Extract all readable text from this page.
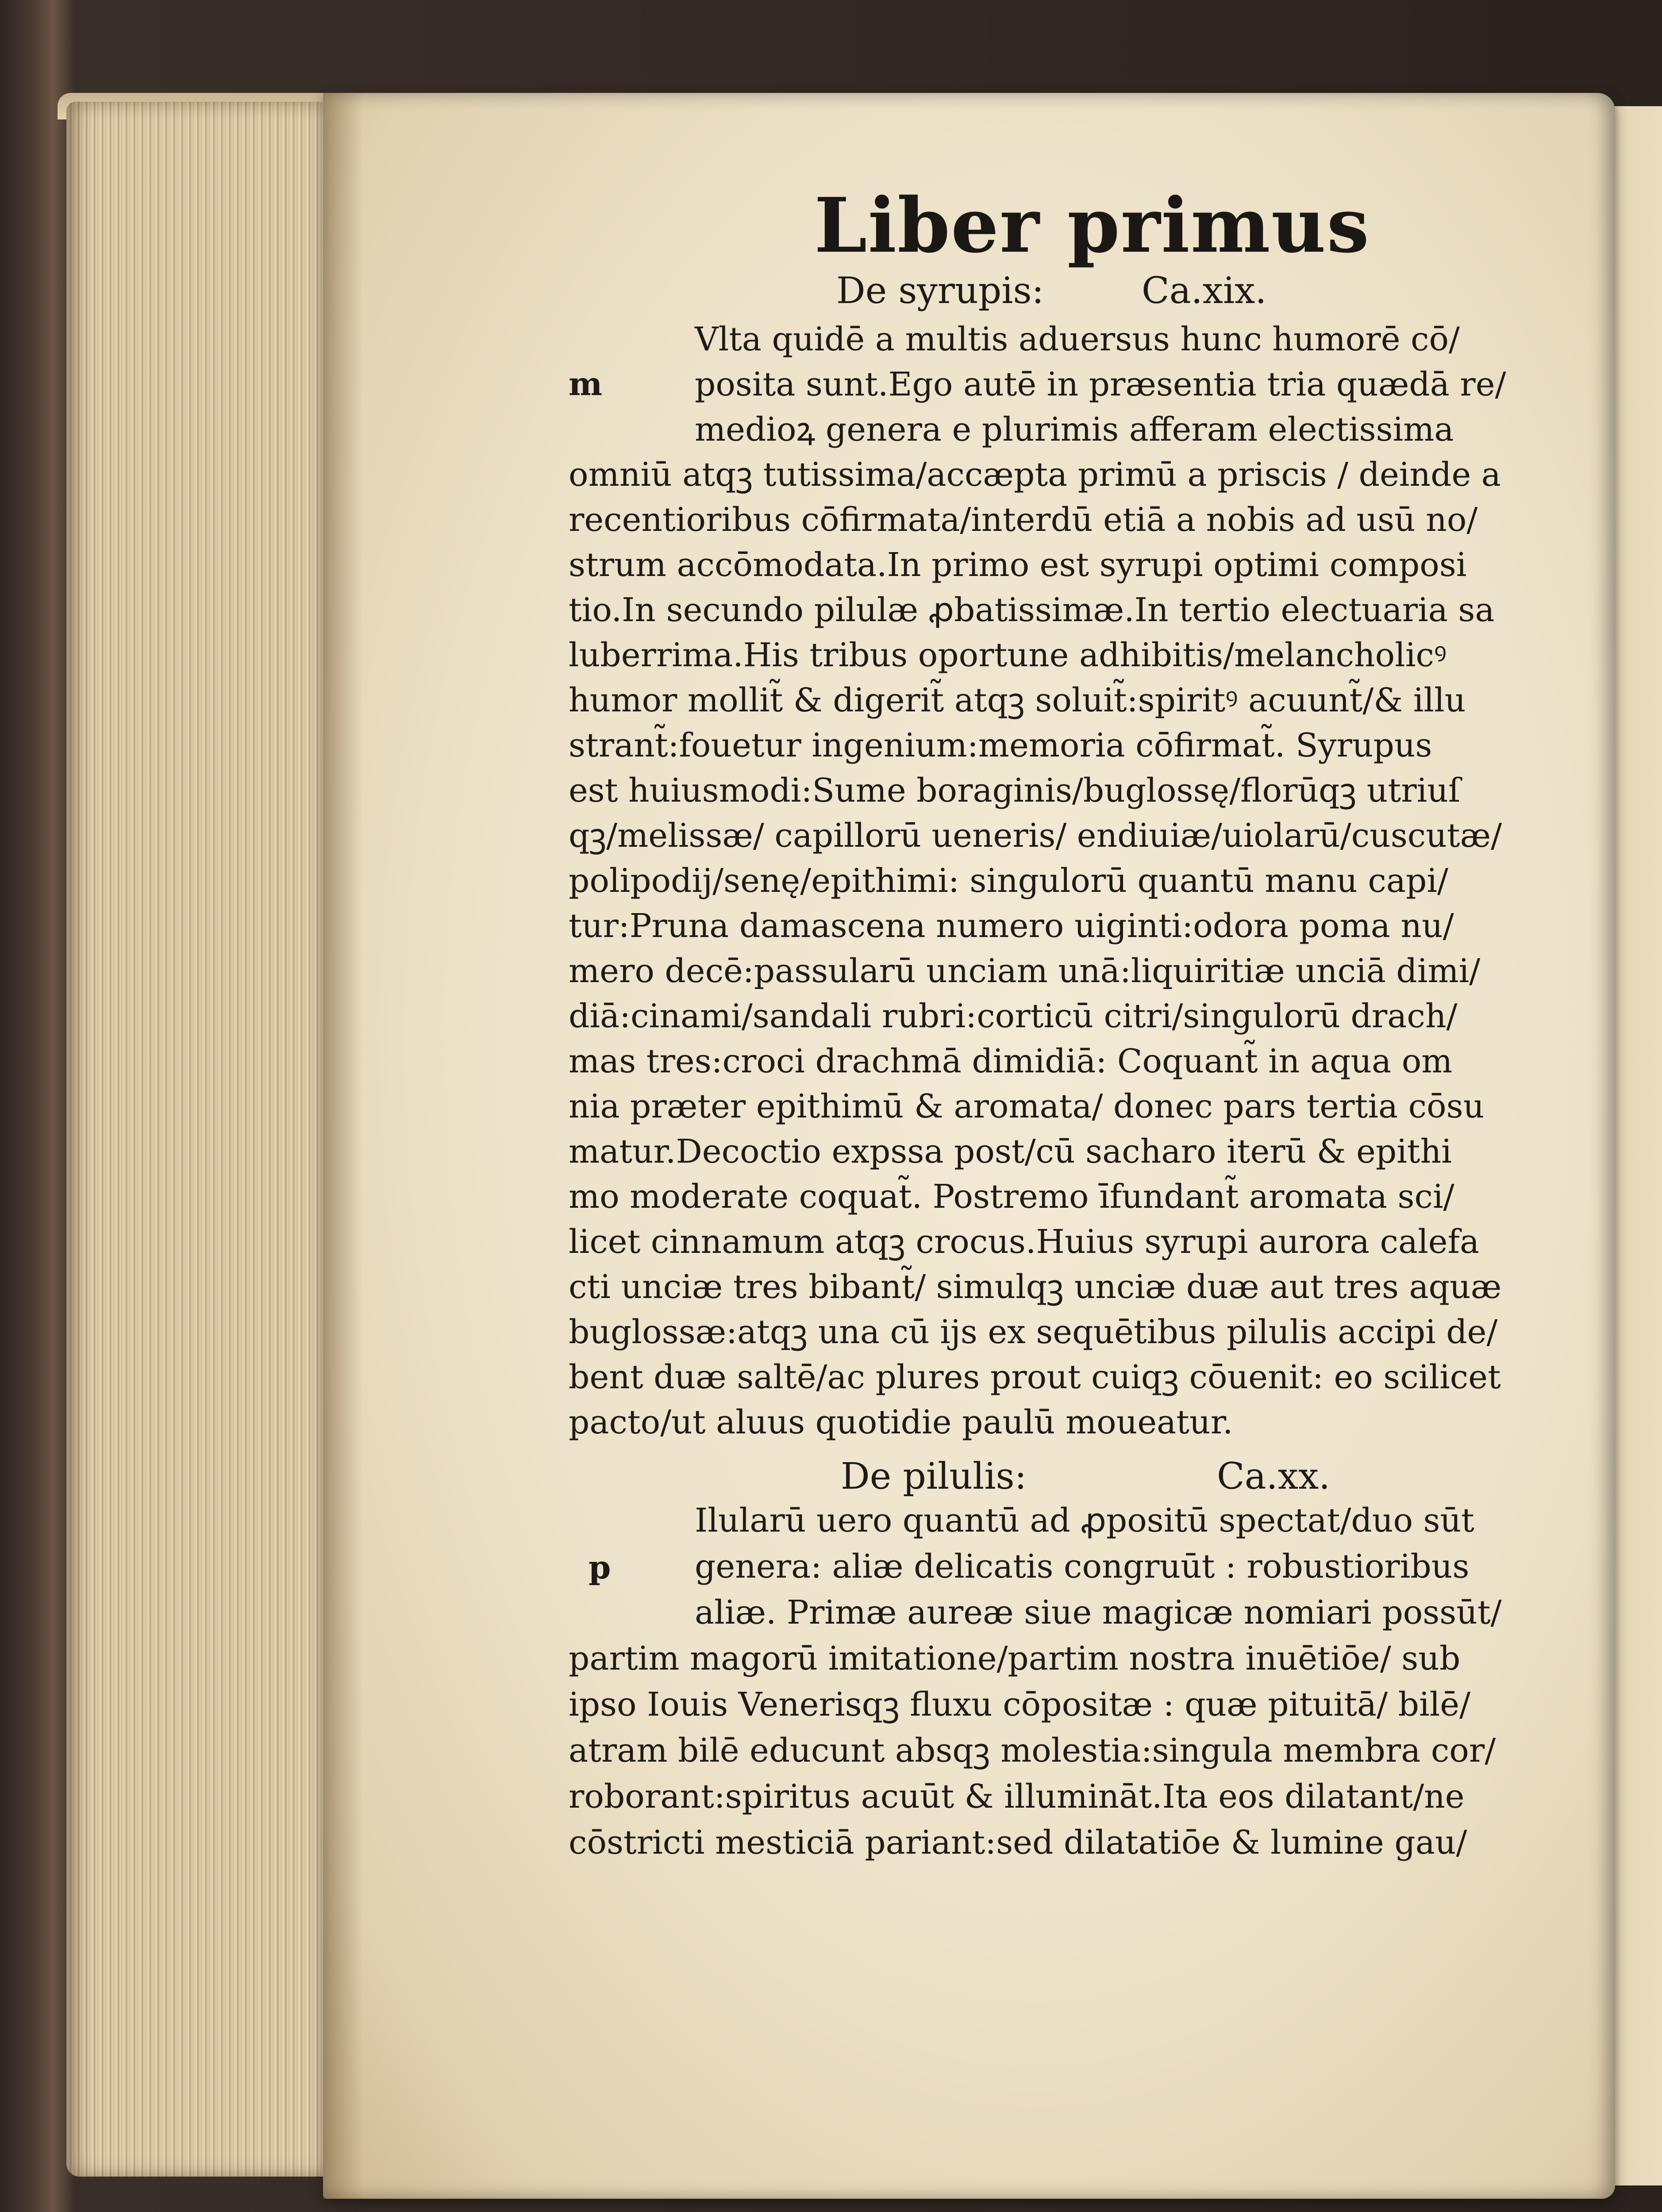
Liber primus
De syrupis:	Ca.xix.
m
De pilulis:	Ca.xx.
p
Vlta quidē a multis aduersus hunc humorē cō/
posita sunt.Ego autē in præsentia tria quædā re/
medioꝝ genera e plurimis afferam electissima
omniū atqꝫ tutissima/accæpta primū a priscis / deinde a
recentioribus cōfirmata/interdū etiā a nobis ad usū no/
strum accōmodata.In primo est syrupi optimi composi
tio.In secundo pilulæ ꝓbatissimæ.In tertio electuaria sa
luberrima.His tribus oportune adhibitis/melancholicꝰ
humor mollit̃ & digerit̃ atqꝫ soluit̃:spiritꝰ acuunt̃/& illu
strant̃:fouetur ingenium:memoria cōfirmat̃. Syrupus
est huiusmodi:Sume boraginis/buglossę/florūqꝫ utriuſ
qꝫ/melissæ/ capillorū ueneris/ endiuiæ/uiolarū/cuscutæ/
polipodij/senę/epithimi: singulorū quantū manu capi/
tur:Pruna damascena numero uiginti:odora poma nu/
mero decē:passularū unciam unā:liquiritiæ unciā dimi/
diā:cinami/sandali rubri:corticū citri/singulorū drach/
mas tres:croci drachmā dimidiā: Coquant̃ in aqua om
nia præter epithimū & aromata/ donec pars tertia cōsu
matur.Decoctio expssa post/cū sacharo iterū & epithi
mo moderate coquat̃. Postremo īfundant̃ aromata sci/
licet cinnamum atqꝫ crocus.Huius syrupi aurora calefa
cti unciæ tres bibant̃/ simulqꝫ unciæ duæ aut tres aquæ
buglossæ:atqꝫ una cū ijs ex sequētibus pilulis accipi de/
bent duæ saltē/ac plures prout cuiqꝫ cōuenit: eo scilicet
pacto/ut aluus quotidie paulū moueatur.
Ilularū uero quantū ad ꝓpositū spectat/duo sūt
genera: aliæ delicatis congruūt : robustioribus
aliæ. Primæ aureæ siue magicæ nomiari possūt/
partim magorū imitatione/partim nostra inuētiōe/ sub
ipso Iouis Venerisqꝫ fluxu cōpositæ : quæ pituitā/ bilē/
atram bilē educunt absqꝫ molestia:singula membra cor/
roborant:spiritus acuūt & illumināt.Ita eos dilatant/ne
cōstricti mesticiā pariant:sed dilatatiōe & lumine gau/
